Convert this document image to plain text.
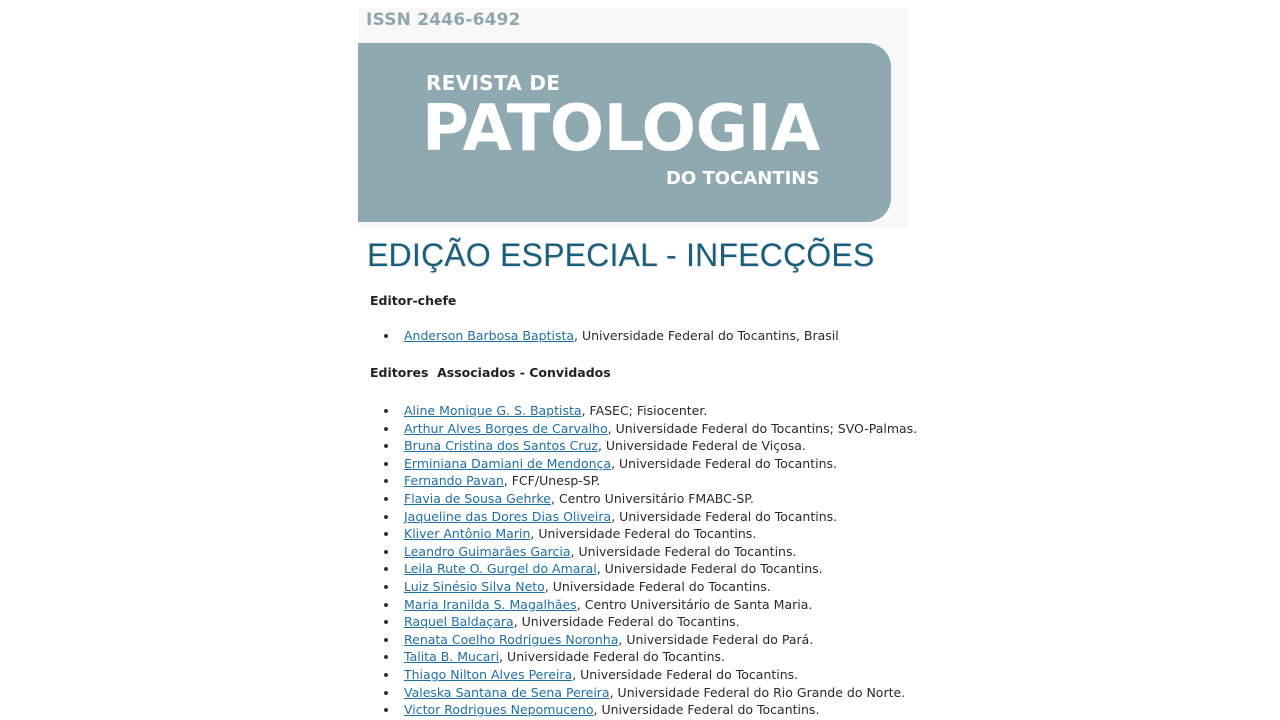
ISSN 2446-6492
REVISTA DE
PATOLOGIA
DO TOCANTINS
EDIÇÃO ESPECIAL - INFECÇÕES
Editor-chefe
Anderson Barbosa Baptista, Universidade Federal do Tocantins, Brasil
Editores  Associados - Convidados
Aline Monique G. S. Baptista, FASEC; Fisiocenter.
Arthur Alves Borges de Carvalho, Universidade Federal do Tocantins; SVO-Palmas.
Bruna Cristina dos Santos Cruz, Universidade Federal de Viçosa.
Erminiana Damiani de Mendonça, Universidade Federal do Tocantins.
Fernando Pavan, FCF/Unesp-SP.
Flavia de Sousa Gehrke, Centro Universitário FMABC-SP.
Jaqueline das Dores Dias Oliveira, Universidade Federal do Tocantins.
Kliver Antônio Marin, Universidade Federal do Tocantins.
Leandro Guimarães Garcia, Universidade Federal do Tocantins.
Leila Rute O. Gurgel do Amaral, Universidade Federal do Tocantins.
Luiz Sinésio Silva Neto, Universidade Federal do Tocantins.
Maria Iranilda S. Magalhães, Centro Universitário de Santa Maria.
Raquel Baldaçara, Universidade Federal do Tocantins.
Renata Coelho Rodrigues Noronha, Universidade Federal do Pará.
Talita B. Mucari, Universidade Federal do Tocantins.
Thiago Nilton Alves Pereira, Universidade Federal do Tocantins.
Valeska Santana de Sena Pereira, Universidade Federal do Rio Grande do Norte.
Victor Rodrigues Nepomuceno, Universidade Federal do Tocantins.
